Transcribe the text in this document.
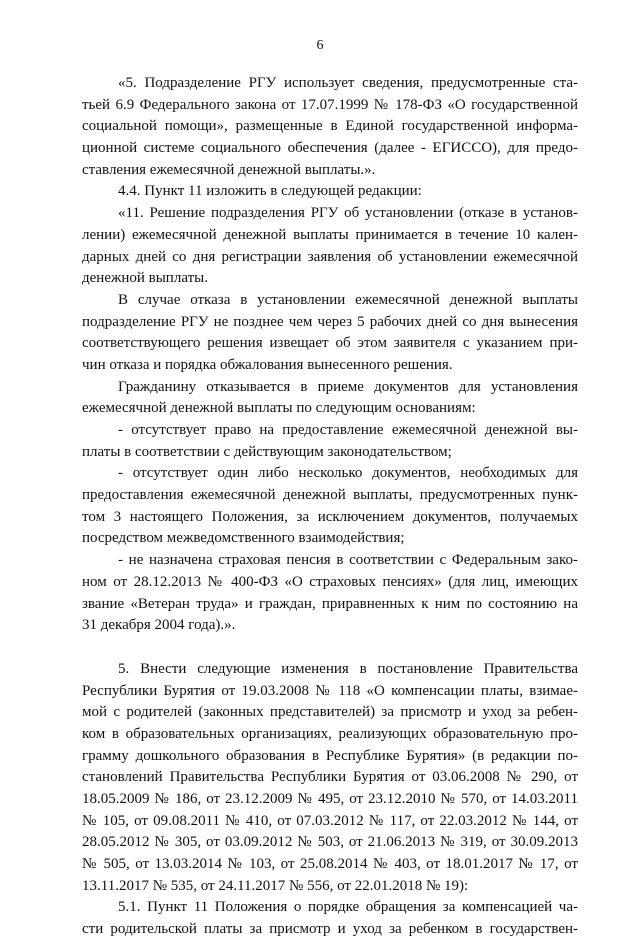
6
«5. Подразделение РГУ использует сведения, предусмотренные ста-
тьей 6.9 Федерального закона от 17.07.1999 № 178-ФЗ «О государственной
социальной помощи», размещенные в Единой государственной информа-
ционной системе социального обеспечения (далее - ЕГИССО), для предо-
ставления ежемесячной денежной выплаты.».
4.4. Пункт 11 изложить в следующей редакции:
«11. Решение подразделения РГУ об установлении (отказе в установ-
лении) ежемесячной денежной выплаты принимается в течение 10 кален-
дарных дней со дня регистрации заявления об установлении ежемесячной
денежной выплаты.
В случае отказа в установлении ежемесячной денежной выплаты
подразделение РГУ не позднее чем через 5 рабочих дней со дня вынесения
соответствующего решения извещает об этом заявителя с указанием при-
чин отказа и порядка обжалования вынесенного решения.
Гражданину отказывается в приеме документов для установления
ежемесячной денежной выплаты по следующим основаниям:
- отсутствует право на предоставление ежемесячной денежной вы-
платы в соответствии с действующим законодательством;
- отсутствует один либо несколько документов, необходимых для
предоставления ежемесячной денежной выплаты, предусмотренных пунк-
том 3 настоящего Положения, за исключением документов, получаемых
посредством межведомственного взаимодействия;
- не назначена страховая пенсия в соответствии с Федеральным зако-
ном от 28.12.2013 № 400-ФЗ «О страховых пенсиях» (для лиц, имеющих
звание «Ветеран труда» и граждан, приравненных к ним по состоянию на
31 декабря 2004 года).».
5. Внести следующие изменения в постановление Правительства
Республики Бурятия от 19.03.2008 № 118 «О компенсации платы, взимае-
мой с родителей (законных представителей) за присмотр и уход за ребен-
ком в образовательных организациях, реализующих образовательную про-
грамму дошкольного образования в Республике Бурятия» (в редакции по-
становлений Правительства Республики Бурятия от 03.06.2008 № 290, от
18.05.2009 № 186, от 23.12.2009 № 495, от 23.12.2010 № 570, от 14.03.2011
№ 105, от 09.08.2011 № 410, от 07.03.2012 № 117, от 22.03.2012 № 144, от
28.05.2012 № 305, от 03.09.2012 № 503, от 21.06.2013 № 319, от 30.09.2013
№ 505, от 13.03.2014 № 103, от 25.08.2014 № 403, от 18.01.2017 № 17, от
13.11.2017 № 535, от 24.11.2017 № 556, от 22.01.2018 № 19):
5.1. Пункт 11 Положения о порядке обращения за компенсацией ча-
сти родительской платы за присмотр и уход за ребенком в государствен-
